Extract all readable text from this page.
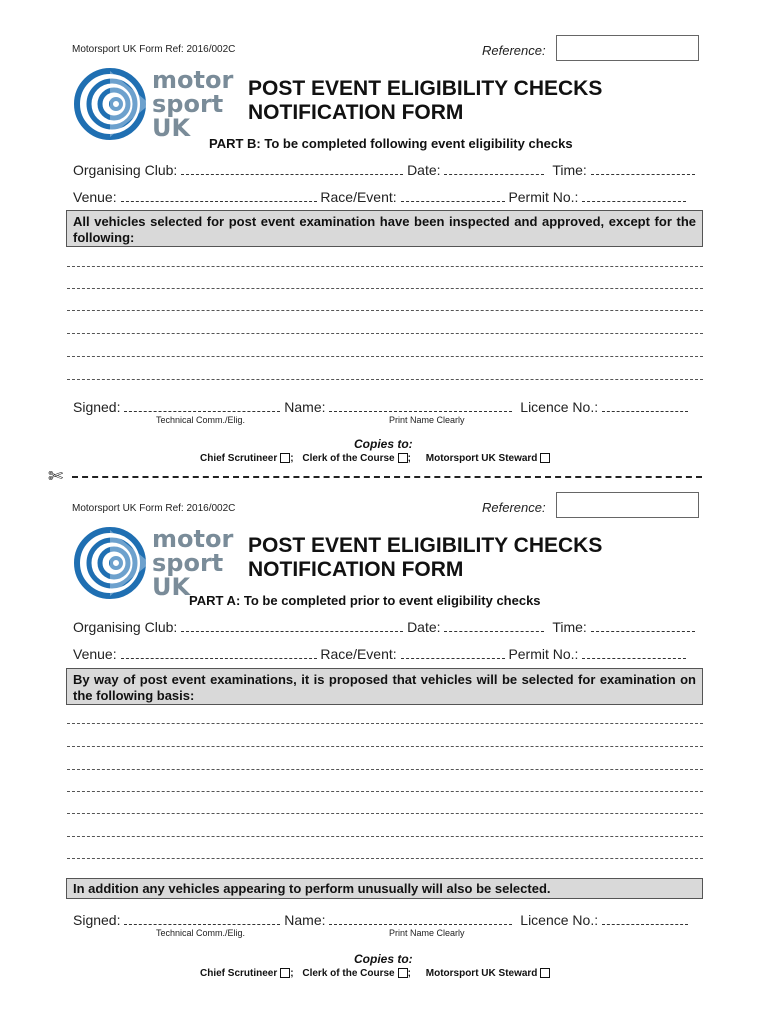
Motorsport UK Form Ref: 2016/002C	Reference:
motor
sport
UK
POST EVENT ELIGIBILITY CHECKS
NOTIFICATION FORM
PART B: To be completed following event eligibility checks
Organising Club:	Date:	Time:
Venue:	Race/Event:	Permit No.:
All vehicles selected for post event examination have been inspected and approved, except for the following:
Signed:	Name:	Licence No.:
Technical Comm./Elig.	Print Name Clearly
Copies to:
Chief Scrutineer ; Clerk of the Course ; Motorsport UK Steward
✄
Motorsport UK Form Ref: 2016/002C	Reference:
motor
sport
UK
POST EVENT ELIGIBILITY CHECKS
NOTIFICATION FORM
PART A: To be completed prior to event eligibility checks
Organising Club:	Date:	Time:
Venue:	Race/Event:	Permit No.:
By way of post event examinations, it is proposed that vehicles will be selected for examination on the following basis:
In addition any vehicles appearing to perform unusually will also be selected.
Signed:	Name:	Licence No.:
Technical Comm./Elig.	Print Name Clearly
Copies to:
Chief Scrutineer ; Clerk of the Course ; Motorsport UK Steward
